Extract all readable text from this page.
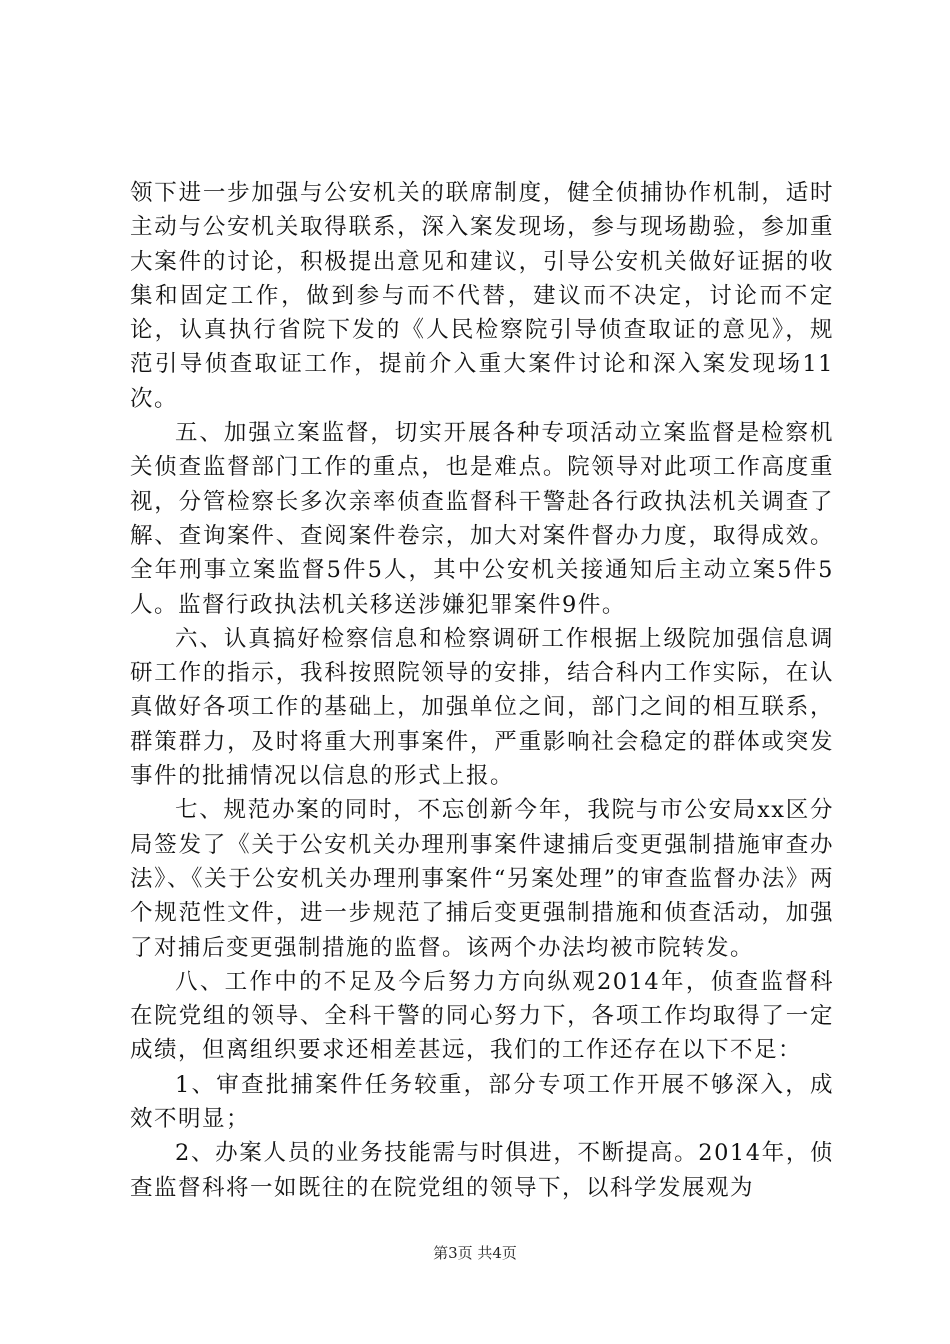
领下进一步加强与公安机关的联席制度，健全侦捕协作机制，适时主动与公安机关取得联系，深入案发现场，参与现场勘验，参加重大案件的讨论，积极提出意见和建议，引导公安机关做好证据的收集和固定工作，做到参与而不代替，建议而不决定，讨论而不定论，认真执行省院下发的《人民检察院引导侦查取证的意见》，规范引导侦查取证工作，提前介入重大案件讨论和深入案发现场11次。

五、加强立案监督，切实开展各种专项活动立案监督是检察机关侦查监督部门工作的重点，也是难点。院领导对此项工作高度重视，分管检察长多次亲率侦查监督科干警赴各行政执法机关调查了解、查询案件、查阅案件卷宗，加大对案件督办力度，取得成效。全年刑事立案监督5件5人，其中公安机关接通知后主动立案5件5人。监督行政执法机关移送涉嫌犯罪案件9件。

六、认真搞好检察信息和检察调研工作根据上级院加强信息调研工作的指示，我科按照院领导的安排，结合科内工作实际，在认真做好各项工作的基础上，加强单位之间，部门之间的相互联系，群策群力，及时将重大刑事案件，严重影响社会稳定的群体或突发事件的批捕情况以信息的形式上报。

七、规范办案的同时，不忘创新今年，我院与市公安局xx区分局签发了《关于公安机关办理刑事案件逮捕后变更强制措施审查办法》、《关于公安机关办理刑事案件“另案处理”的审查监督办法》两个规范性文件，进一步规范了捕后变更强制措施和侦查活动，加强了对捕后变更强制措施的监督。该两个办法均被市院转发。

八、工作中的不足及今后努力方向纵观2014年，侦查监督科在院党组的领导、全科干警的同心努力下，各项工作均取得了一定成绩，但离组织要求还相差甚远，我们的工作还存在以下不足：

1、审查批捕案件任务较重，部分专项工作开展不够深入，成效不明显；

2、办案人员的业务技能需与时俱进，不断提高。2014年，侦查监督科将一如既往的在院党组的领导下，以科学发展观为

第3页 共4页
